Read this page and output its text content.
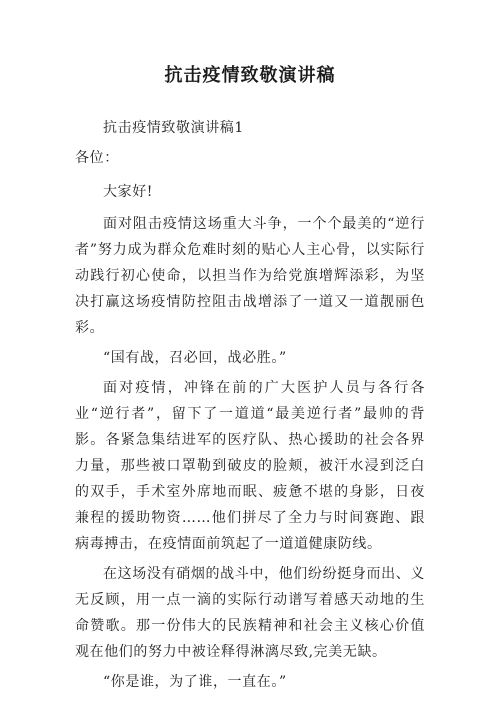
抗击疫情致敬演讲稿

抗击疫情致敬演讲稿1

各位：

大家好!

面对阻击疫情这场重大斗争，一个个最美的“逆行者”努力成为群众危难时刻的贴心人主心骨，以实际行动践行初心使命，以担当作为给党旗增辉添彩，为坚决打赢这场疫情防控阻击战增添了一道又一道靓丽色彩。

“国有战，召必回，战必胜。”

面对疫情，冲锋在前的广大医护人员与各行各业“逆行者”，留下了一道道“最美逆行者”最帅的背影。各紧急集结进军的医疗队、热心援助的社会各界力量，那些被口罩勒到破皮的脸颊，被汗水浸到泛白的双手，手术室外席地而眠、疲惫不堪的身影，日夜兼程的援助物资……他们拼尽了全力与时间赛跑、跟病毒搏击，在疫情面前筑起了一道道健康防线。

在这场没有硝烟的战斗中，他们纷纷挺身而出、义无反顾，用一点一滴的实际行动谱写着感天动地的生命赞歌。那一份伟大的民族精神和社会主义核心价值观在他们的努力中被诠释得淋漓尽致,完美无缺。

“你是谁，为了谁，一直在。”
